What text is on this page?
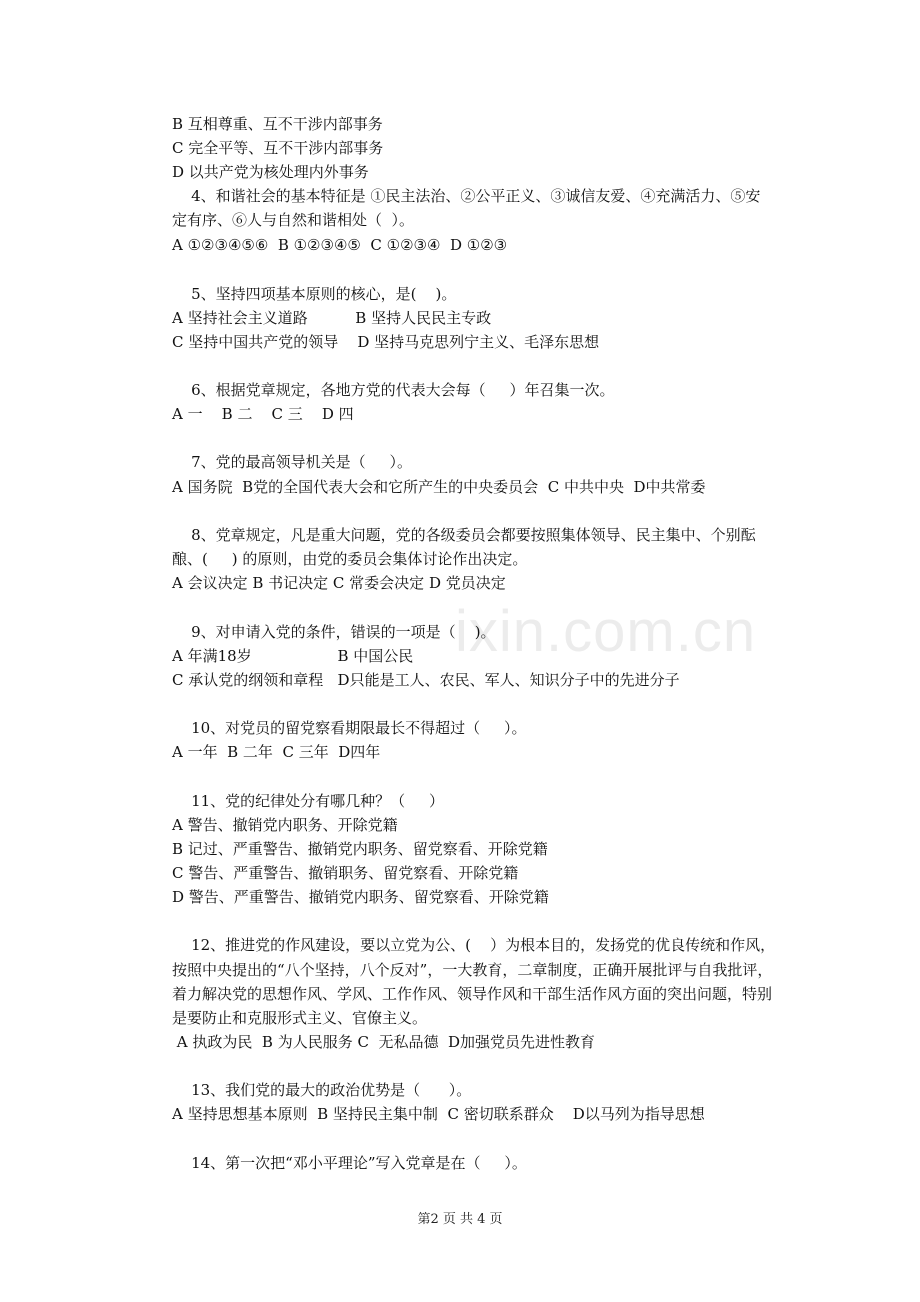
ixin.com.cn
B 互相尊重、互不干涉内部事务
C 完全平等、互不干涉内部事务
D 以共产党为核处理内外事务
4、和谐社会的基本特征是 ①民主法治、②公平正义、③诚信友爱、④充满活力、⑤安
定有序、⑥人与自然和谐相处（  ）。
A ①②③④⑤⑥  B ①②③④⑤  C ①②③④  D ①②③
5、坚持四项基本原则的核心，是(    )。
A 坚持社会主义道路          B 坚持人民民主专政
C 坚持中国共产党的领导    D 坚持马克思列宁主义、毛泽东思想
6、根据党章规定，各地方党的代表大会每（     ）年召集一次。
A 一    B 二    C 三    D 四
7、党的最高领导机关是（     ）。
A 国务院  B党的全国代表大会和它所产生的中央委员会  C 中共中央  D中共常委
8、党章规定，凡是重大问题，党的各级委员会都要按照集体领导、民主集中、个别酝
酿、(     ) 的原则，由党的委员会集体讨论作出决定。
A 会议决定 B 书记决定 C 常委会决定 D 党员决定
9、对申请入党的条件，错误的一项是（    )。
A 年满18岁                  B 中国公民
C 承认党的纲领和章程   D只能是工人、农民、军人、知识分子中的先进分子
10、对党员的留党察看期限最长不得超过（     ）。
A 一年  B 二年  C 三年  D四年
11、党的纪律处分有哪几种？（     ）
A 警告、撤销党内职务、开除党籍
B 记过、严重警告、撤销党内职务、留党察看、开除党籍
C 警告、严重警告、撤销职务、留党察看、开除党籍
D 警告、严重警告、撤销党内职务、留党察看、开除党籍
12、推进党的作风建设，要以立党为公、(    ）为根本目的，发扬党的优良传统和作风，
按照中央提出的“八个坚持，八个反对”，一大教育，二章制度，正确开展批评与自我批评，
着力解决党的思想作风、学风、工作作风、领导作风和干部生活作风方面的突出问题，特别
是要防止和克服形式主义、官僚主义。
A 执政为民  B 为人民服务 C  无私品德  D加强党员先进性教育
13、我们党的最大的政治优势是（      ）。
A 坚持思想基本原则  B 坚持民主集中制  C 密切联系群众    D以马列为指导思想
14、第一次把“邓小平理论”写入党章是在（     ）。
第2 页 共 4 页
